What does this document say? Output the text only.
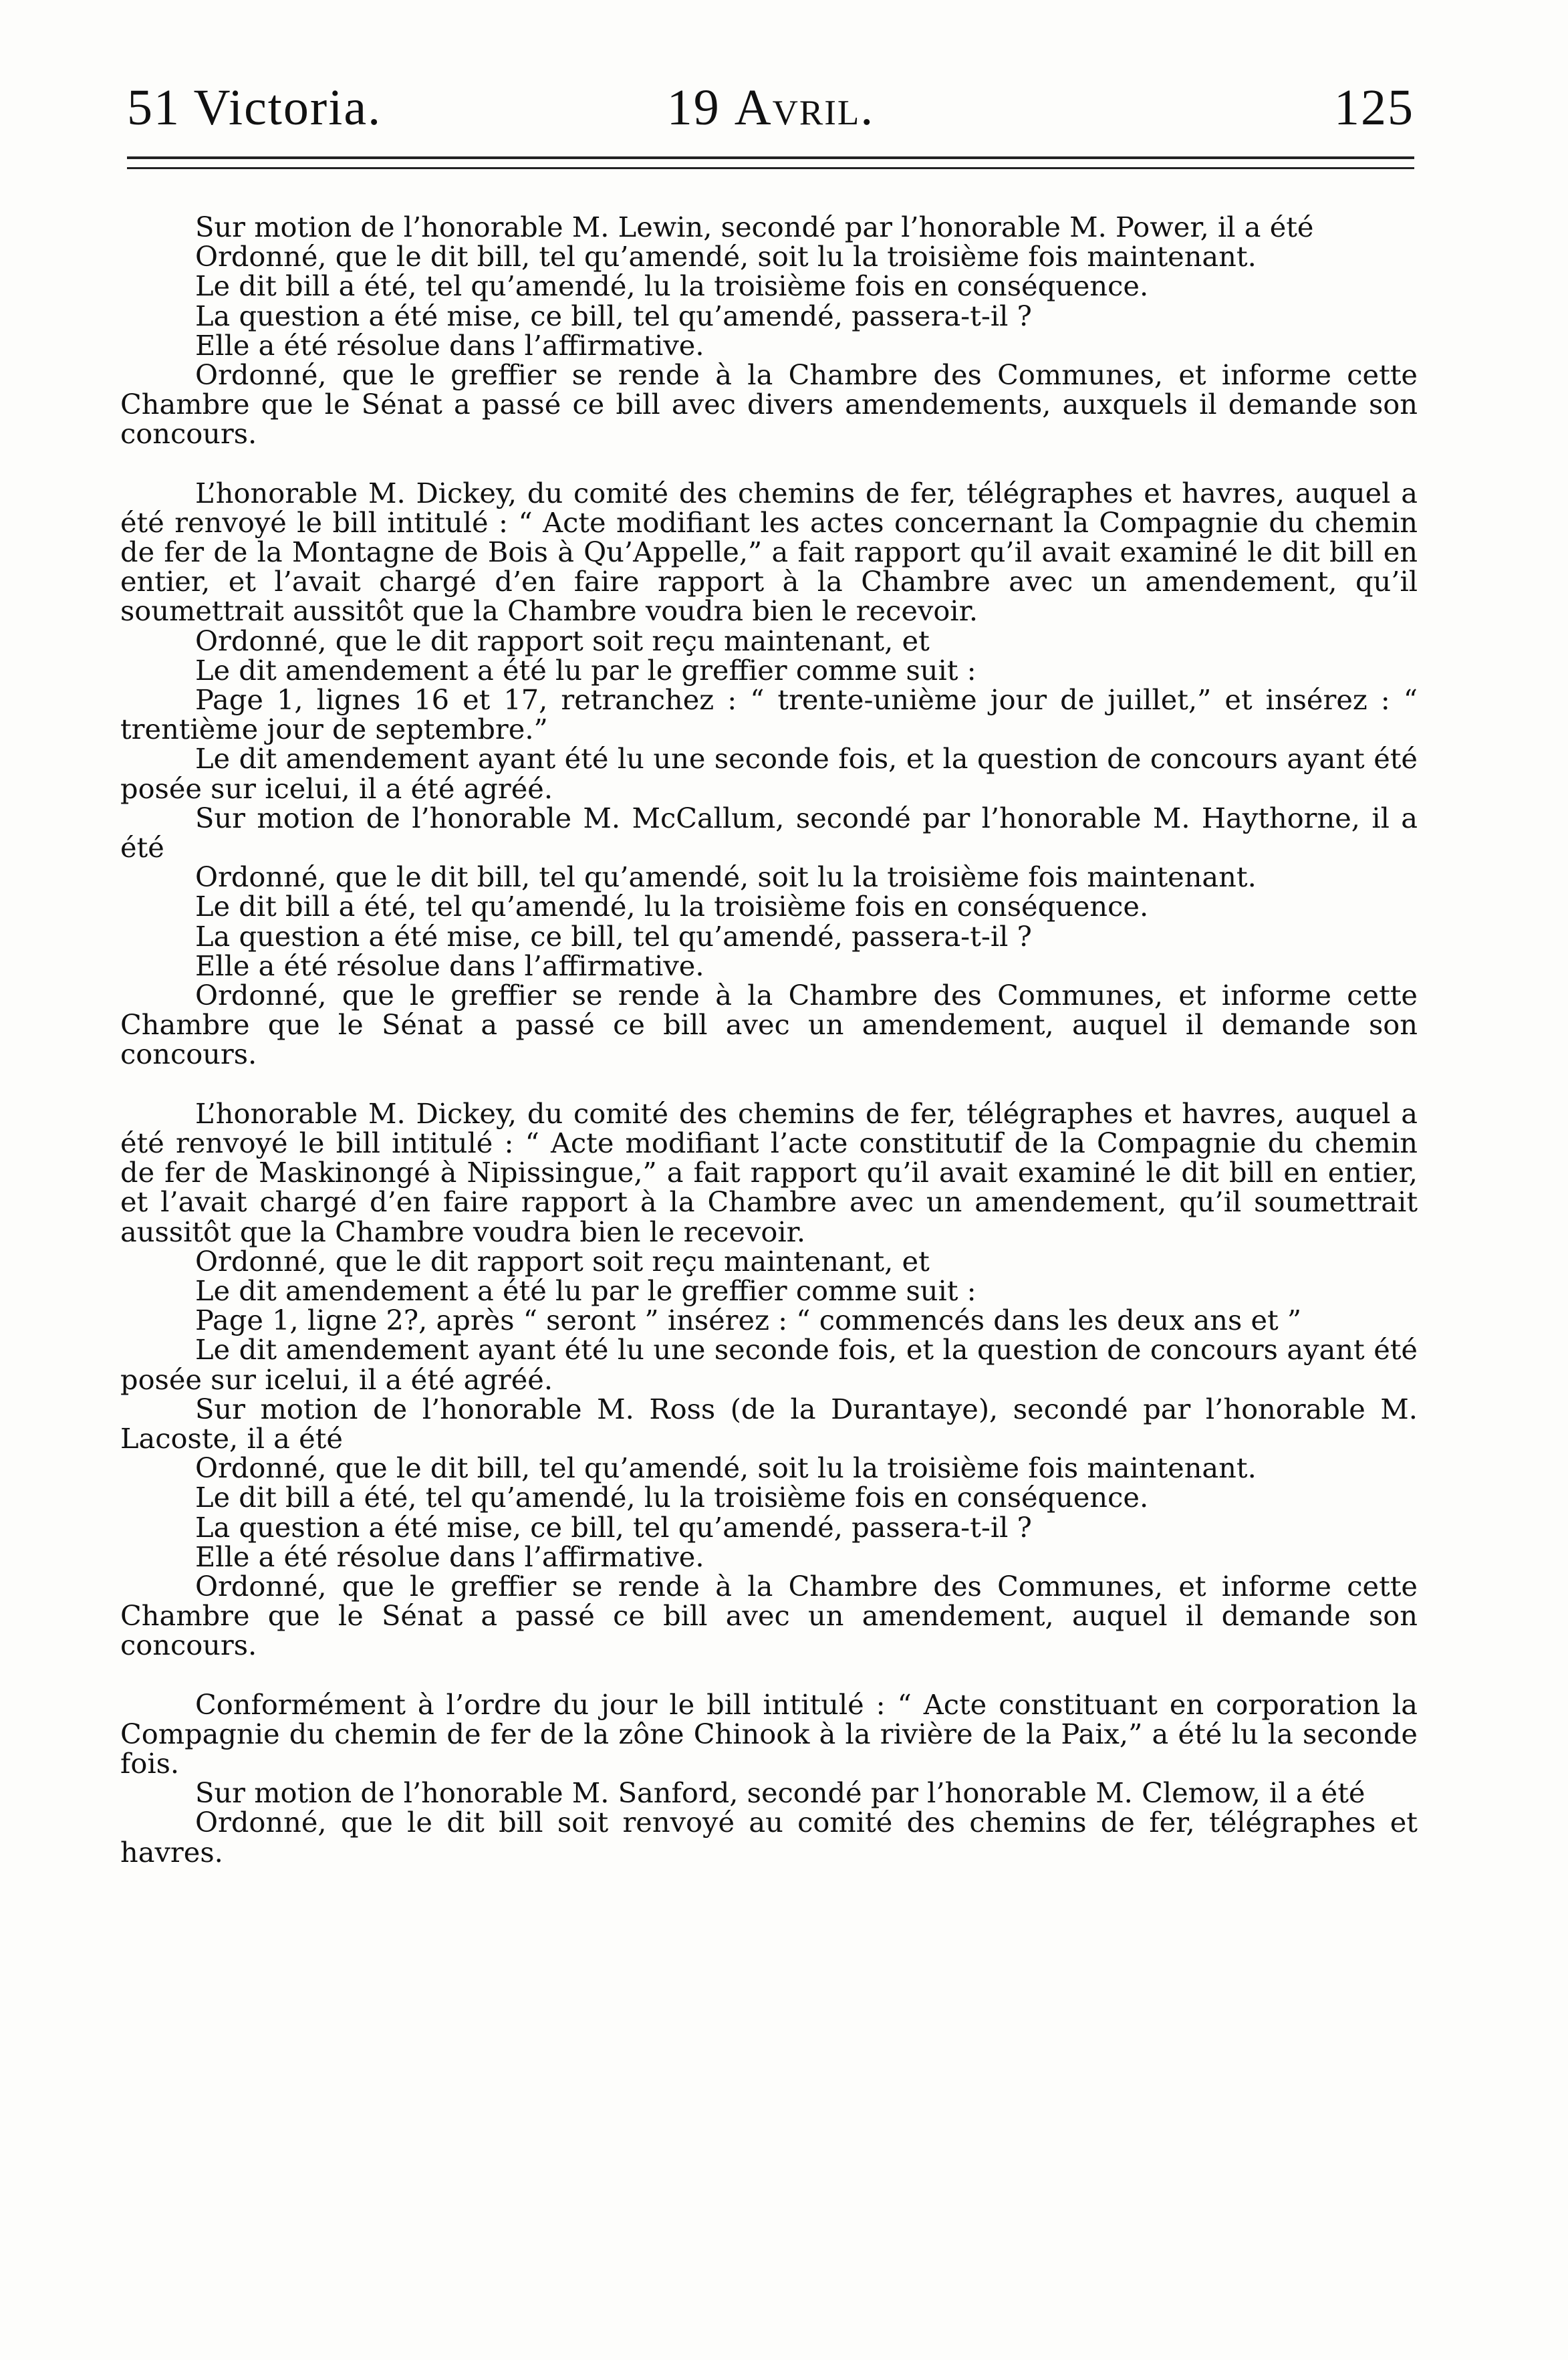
51 Victoria.	19 Avril.	125

Sur motion de l’honorable M. Lewin, secondé par l’honorable M. Power, il a été

Ordonné, que le dit bill, tel qu’amendé, soit lu la troisième fois maintenant.

Le dit bill a été, tel qu’amendé, lu la troisième fois en conséquence.

La question a été mise, ce bill, tel qu’amendé, passera-t-il ?

Elle a été résolue dans l’affirmative.

Ordonné, que le greffier se rende à la Chambre des Communes, et informe cette Chambre que le Sénat a passé ce bill avec divers amendements, auxquels il demande son concours.

L’honorable M. Dickey, du comité des chemins de fer, télégraphes et havres, auquel a été renvoyé le bill intitulé : “ Acte modifiant les actes concernant la Compagnie du chemin de fer de la Montagne de Bois à Qu’Appelle,” a fait rapport qu’il avait examiné le dit bill en entier, et l’avait chargé d’en faire rapport à la Chambre avec un amendement, qu’il soumettrait aussitôt que la Chambre voudra bien le recevoir.

Ordonné, que le dit rapport soit reçu maintenant, et

Le dit amendement a été lu par le greffier comme suit :

Page 1, lignes 16 et 17, retranchez : “ trente-unième jour de juillet,” et insérez : “ trentième jour de septembre.”

Le dit amendement ayant été lu une seconde fois, et la question de concours ayant été posée sur icelui, il a été agréé.

Sur motion de l’honorable M. McCallum, secondé par l’honorable M. Haythorne, il a été

Ordonné, que le dit bill, tel qu’amendé, soit lu la troisième fois maintenant.

Le dit bill a été, tel qu’amendé, lu la troisième fois en conséquence.

La question a été mise, ce bill, tel qu’amendé, passera-t-il ?

Elle a été résolue dans l’affirmative.

Ordonné, que le greffier se rende à la Chambre des Communes, et informe cette Chambre que le Sénat a passé ce bill avec un amendement, auquel il demande son concours.

L’honorable M. Dickey, du comité des chemins de fer, télégraphes et havres, auquel a été renvoyé le bill intitulé : “ Acte modifiant l’acte constitutif de la Compagnie du chemin de fer de Maskinongé à Nipissingue,” a fait rapport qu’il avait examiné le dit bill en entier, et l’avait chargé d’en faire rapport à la Chambre avec un amendement, qu’il soumettrait aussitôt que la Chambre voudra bien le recevoir.

Ordonné, que le dit rapport soit reçu maintenant, et

Le dit amendement a été lu par le greffier comme suit :

Page 1, ligne 2?, après “ seront ” insérez : “ commencés dans les deux ans et ”

Le dit amendement ayant été lu une seconde fois, et la question de concours ayant été posée sur icelui, il a été agréé.

Sur motion de l’honorable M. Ross (de la Durantaye), secondé par l’honorable M. Lacoste, il a été

Ordonné, que le dit bill, tel qu’amendé, soit lu la troisième fois maintenant.

Le dit bill a été, tel qu’amendé, lu la troisième fois en conséquence.

La question a été mise, ce bill, tel qu’amendé, passera-t-il ?

Elle a été résolue dans l’affirmative.

Ordonné, que le greffier se rende à la Chambre des Communes, et informe cette Chambre que le Sénat a passé ce bill avec un amendement, auquel il demande son concours.

Conformément à l’ordre du jour le bill intitulé : “ Acte constituant en corporation la Compagnie du chemin de fer de la zône Chinook à la rivière de la Paix,” a été lu la seconde fois.

Sur motion de l’honorable M. Sanford, secondé par l’honorable M. Clemow, il a été

Ordonné, que le dit bill soit renvoyé au comité des chemins de fer, télégraphes et havres.
